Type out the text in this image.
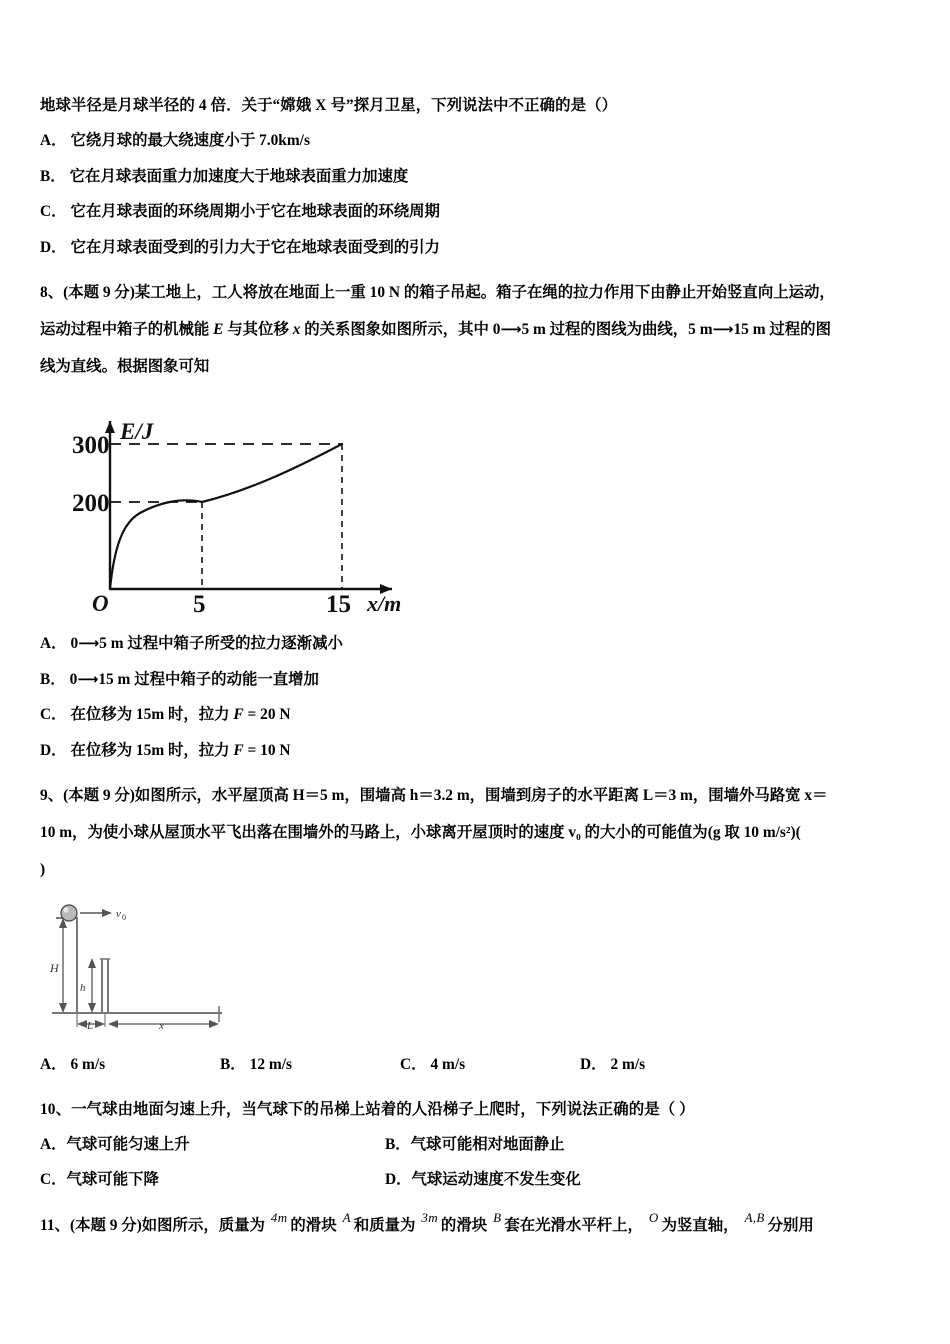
地球半径是月球半径的 4 倍．关于“嫦娥 X 号”探月卫星，下列说法中不正确的是（）
A． 它绕月球的最大绕速度小于 7.0km/s
B． 它在月球表面重力加速度大于地球表面重力加速度
C． 它在月球表面的环绕周期小于它在地球表面的环绕周期
D． 它在月球表面受到的引力大于它在地球表面受到的引力
8、(本题 9 分)某工地上，工人将放在地面上一重 10 N 的箱子吊起。箱子在绳的拉力作用下由静止开始竖直向上运动，
运动过程中箱子的机械能 E 与其位移 x 的关系图象如图所示，其中 0⟶5 m 过程的图线为曲线，5 m⟶15 m 过程的图
线为直线。根据图象可知
300
200
E/J
O	5	15 x/m
A． 0⟶5 m 过程中箱子所受的拉力逐渐减小
B． 0⟶15 m 过程中箱子的动能一直增加
C． 在位移为 15m 时，拉力 F = 20 N
D． 在位移为 15m 时，拉力 F = 10 N
9、(本题 9 分)如图所示，水平屋顶高 H＝5 m，围墙高 h＝3.2 m，围墙到房子的水平距离 L＝3 m，围墙外马路宽 x＝
10 m，为使小球从屋顶水平飞出落在围墙外的马路上，小球离开屋顶时的速度 v₀ 的大小的可能值为(g 取 10 m/s²)(
)
v 0
H
h
L	x
A． 6 m/s	B． 12 m/s	C． 4 m/s	D． 2 m/s
10、一气球由地面匀速上升，当气球下的吊梯上站着的人沿梯子上爬时，下列说法正确的是（ ）
A．气球可能匀速上升	B．气球可能相对地面静止
C．气球可能下降	D．气球运动速度不发生变化
11、(本题 9 分)如图所示，质量为 $^{4m}$ 的滑块 $^A$ 和质量为 $^{3m}$ 的滑块 $^B$ 套在光滑水平杆上， $^O$ 为竖直轴， $^{A,B}$ 分别用
